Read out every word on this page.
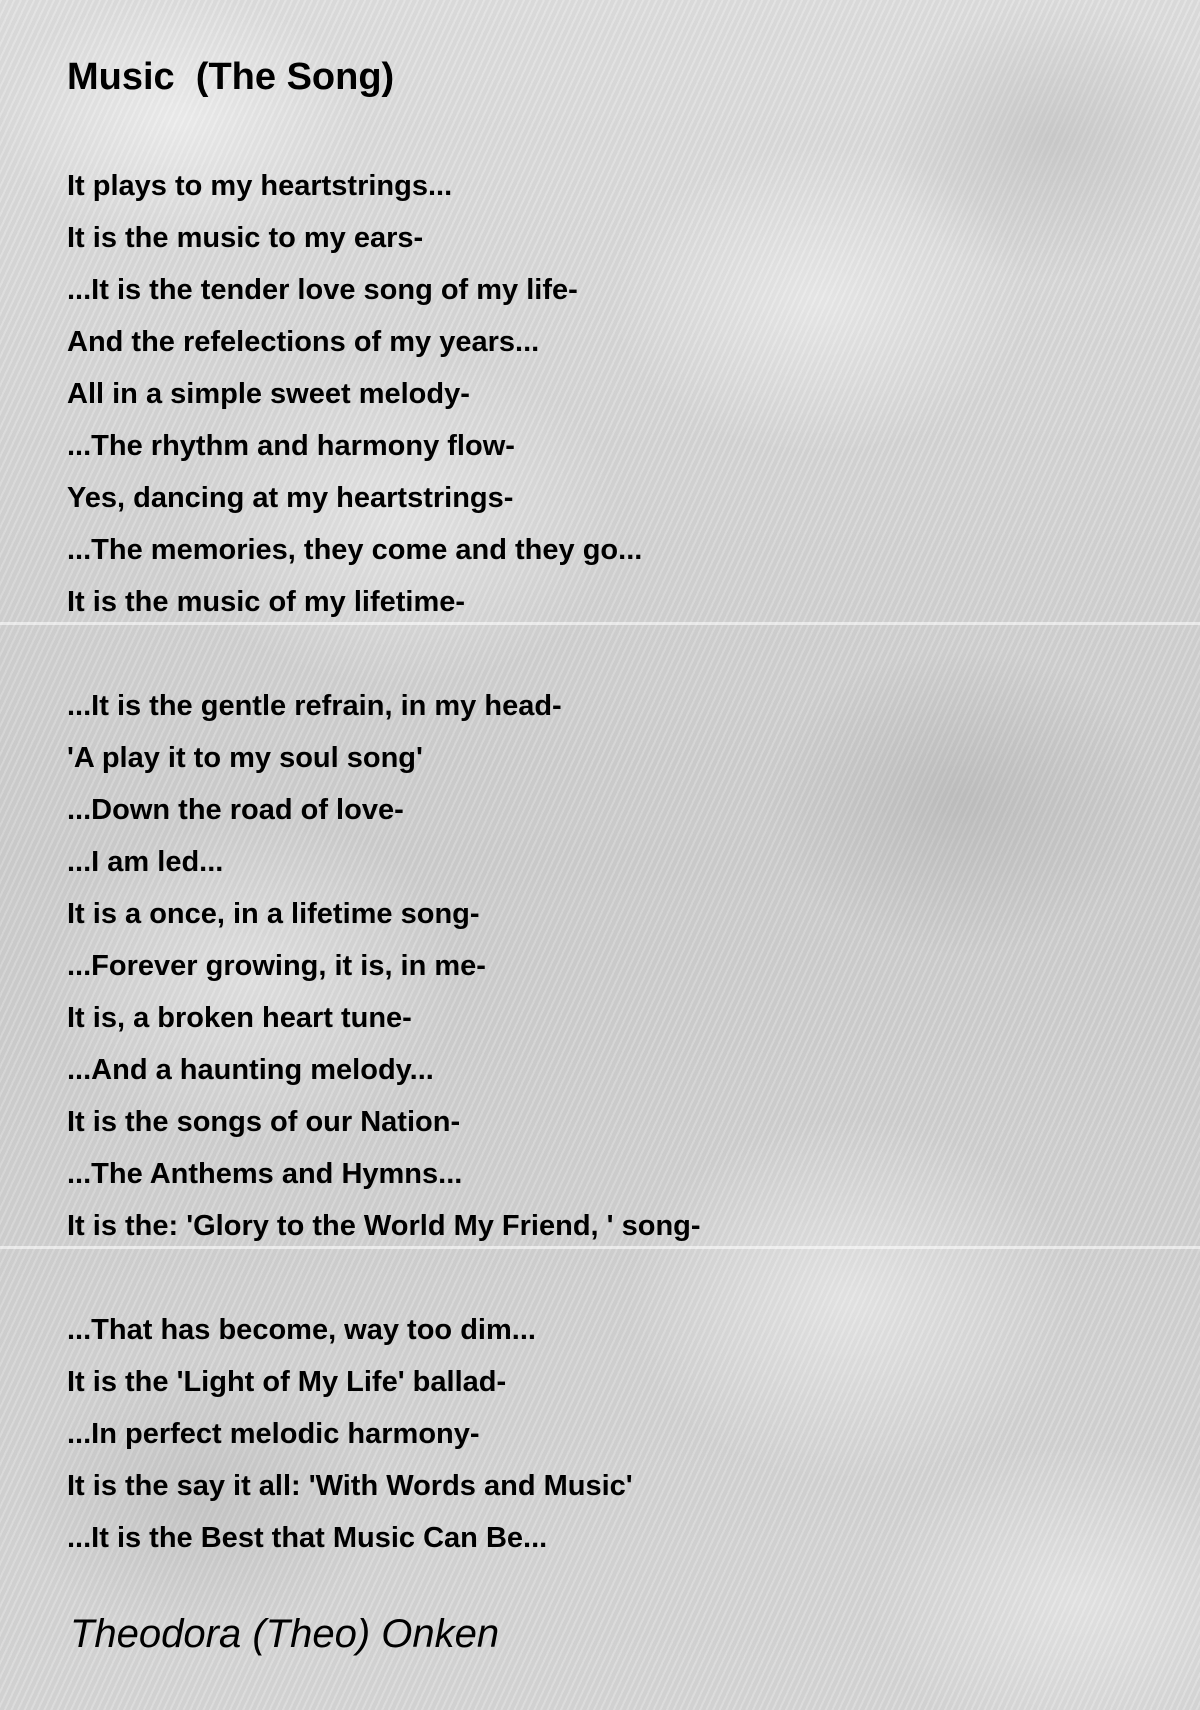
Music  (The Song)
It plays to my heartstrings...
It is the music to my ears-
...It is the tender love song of my life-
And the refelections of my years...
All in a simple sweet melody-
...The rhythm and harmony flow-
Yes, dancing at my heartstrings-
...The memories, they come and they go...
It is the music of my lifetime-
...It is the gentle refrain, in my head-
'A play it to my soul song'
...Down the road of love-
...I am led...
It is a once, in a lifetime song-
...Forever growing, it is, in me-
It is, a broken heart tune-
...And a haunting melody...
It is the songs of our Nation-
...The Anthems and Hymns...
It is the: 'Glory to the World My Friend, ' song-
...That has become, way too dim...
It is the 'Light of My Life' ballad-
...In perfect melodic harmony-
It is the say it all: 'With Words and Music'
...It is the Best that Music Can Be...
Theodora (Theo) Onken
